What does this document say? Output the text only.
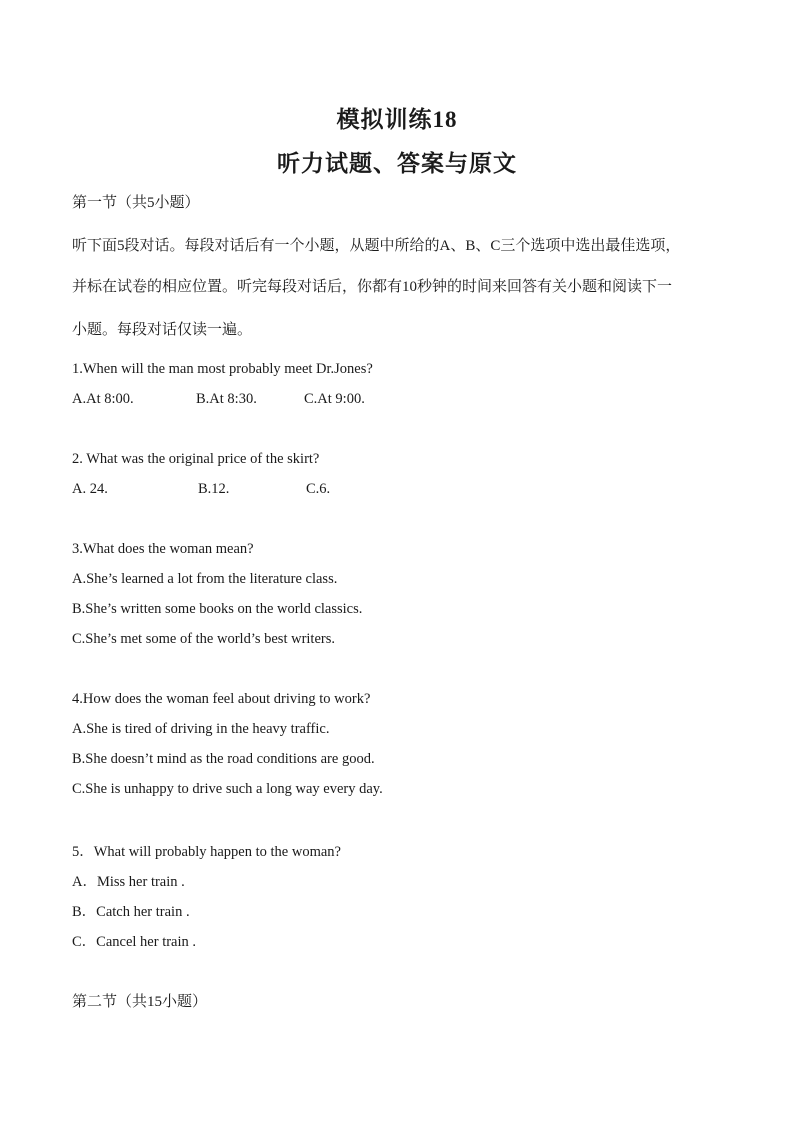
模拟训练18
听力试题、答案与原文
第一节（共5小题）
听下面5段对话。每段对话后有一个小题，从题中所给的A、B、C三个选项中选出最佳选项，
并标在试卷的相应位置。听完每段对话后，你都有10秒钟的时间来回答有关小题和阅读下一
小题。每段对话仅读一遍。
1.When will the man most probably meet Dr.Jones?
A.At 8:00.	B.At 8:30.	C.At 9:00.
2. What was the original price of the skirt?
A. 24.	B.12.	C.6.
3.What does the woman mean?
A.She’s learned a lot from the literature class.
B.She’s written some books on the world classics.
C.She’s met some of the world’s best writers.
4.How does the woman feel about driving to work?
A.She is tired of driving in the heavy traffic.
B.She doesn’t mind as the road conditions are good.
C.She is unhappy to drive such a long way every day.
5．What will probably happen to the woman?
A．Miss her train .
B．Catch her train .
C．Cancel her train .
第二节（共15小题）
